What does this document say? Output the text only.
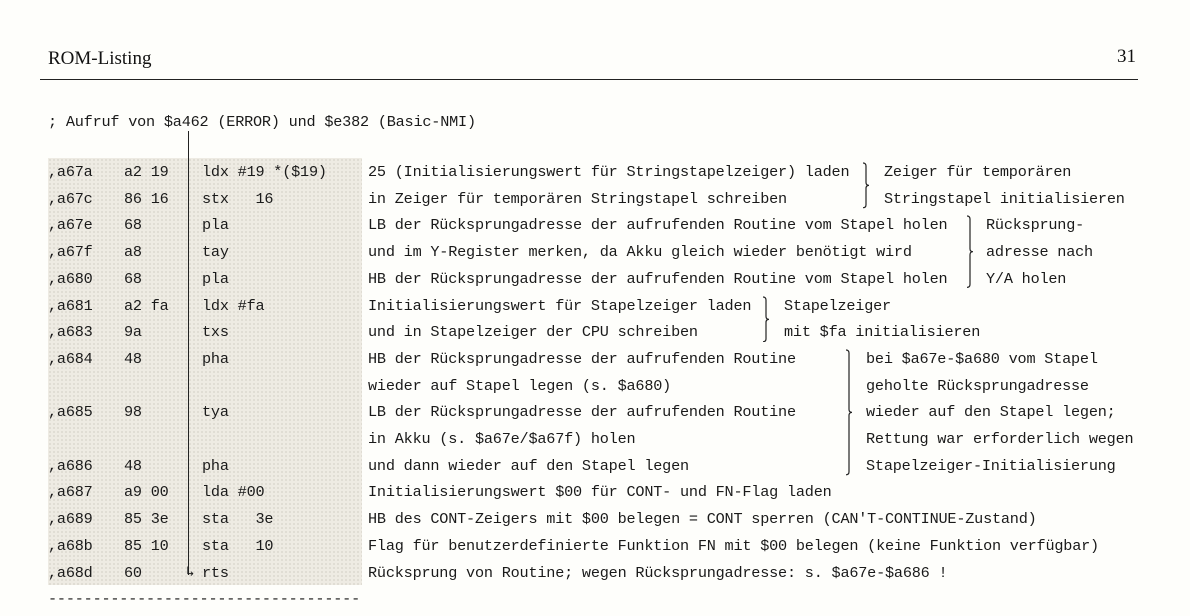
ROM-Listing	31
; Aufruf von $a462 (ERROR) und $e382 (Basic-NMI)
,a67a a2 19 ldx #19 *($19)	25 (Initialisierungswert für Stringstapelzeiger) laden
,a67c 86 16 stx   16	in Zeiger für temporären Stringstapel schreiben
,a67e 68	pla	LB der Rücksprungadresse der aufrufenden Routine vom Stapel holen
,a67f a8	tay	und im Y-Register merken, da Akku gleich wieder benötigt wird
,a680 68	pla	HB der Rücksprungadresse der aufrufenden Routine vom Stapel holen
,a681 a2 fa ldx #fa	Initialisierungswert für Stapelzeiger laden
,a683 9a	txs	und in Stapelzeiger der CPU schreiben
,a684 48	pha	HB der Rücksprungadresse der aufrufenden Routine
wieder auf Stapel legen (s. $a680)
,a685 98	tya	LB der Rücksprungadresse der aufrufenden Routine
in Akku (s. $a67e/$a67f) holen
,a686 48	pha	und dann wieder auf den Stapel legen
,a687 a9 00 lda #00	Initialisierungswert $00 für CONT- und FN-Flag laden
,a689 85 3e sta   3e	HB des CONT-Zeigers mit $00 belegen = CONT sperren (CAN'T-CONTINUE-Zustand)
,a68b 85 10 sta   10	Flag für benutzerdefinierte Funktion FN mit $00 belegen (keine Funktion verfügbar)
,a68d 60	rts	Rücksprung von Routine; wegen Rücksprungadresse: s. $a67e-$a686 !
↳
Zeiger für temporären
Stringstapel initialisieren
Rücksprung-
adresse nach
Y/A holen
Stapelzeiger
mit $fa initialisieren
bei $a67e-$a680 vom Stapel
geholte Rücksprungadresse
wieder auf den Stapel legen;
Rettung war erforderlich wegen
Stapelzeiger-Initialisierung
-----------------------------------
